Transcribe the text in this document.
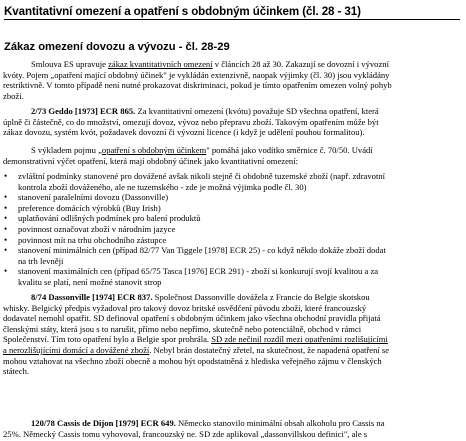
Kvantitativní omezení a opatření s obdobným účinkem (čl. 28 - 31)
Zákaz omezení dovozu a vývozu - čl. 28-29
Smlouva ES upravuje zákaz kvantitativních omezení v článcích 28 až 30. Zakazují se dovozní i vývozní
kvóty. Pojem „opatření mající obdobný účinek" je vykládán extenzivně, naopak výjimky (čl. 30) jsou vykládány
restriktivně. V tomto případě není nutné prokazovat diskriminaci, pokud je tímto opatřením omezen volný pohyb
zboží.
2/73 Geddo [1973] ECR 865. Za kvantitativní omezení (kvótu) považuje SD všechna opatření, která
úplně či částečně, co do množství, omezují dovoz, vývoz nebo přepravu zboží. Takovým opatřením může být
zákaz dovozu, systém kvót, požadavek dovozní či vývozní licence (i když je udělení pouhou formalitou).
S výkladem pojmu „opatření s obdobným účinkem" pomáhá jako vodítko směrnice č. 70/50. Uvádí
demonstrativní výčet opatření, která mají obdobný účinek jako kvantitativní omezení:
• zvláštní podmínky stanovené pro dovážené avšak nikoli stejně či obdobně tuzemské zboží (např. zdravotní
kontrola zboží dováženého, ale ne tuzemského - zde je možná výjimka podle čl. 30)
• stanovení paralelními dovozu (Dassonville)
• preference domácích výrobků (Buy Irish)
• uplatňování odlišných podmínek pro balení produktů
• povinnost označovat zboží v národním jazyce
• povinnost mít na trhu obchodního zástupce
• stanovení minimálních cen (případ 82/77 Van Tiggele [1978] ECR 25) - co když někdo dokáže zboží dodat
na trh levněji
• stanovení maximálních cen (případ 65/75 Tasca [1976] ECR 291) - zboží si konkurují svojí kvalitou a za
kvalitu se platí, není možné stanovit strop
8/74 Dassonville [1974] ECR 837. Společnost Dassonville dovážela z Francie do Belgie skotskou
whisky. Belgický předpis vyžadoval pro takový dovoz britské osvědčení původu zboží, které francouzský
dodavatel nemohl opatřit. SD definoval opatření s obdobným účinkem jako všechna obchodní pravidla přijatá
členskými státy, která jsou s to narušit, přímo nebo nepřímo, skutečně nebo potenciálně, obchod v rámci
Společenství. Tím toto opatření bylo a Belgie spor prohrála. SD zde nečinil rozdíl mezi opatřeními rozlišujícími
a nerozlišujícími domácí a dovážené zboží. Nebyl brán dostatečný zřetel, na skutečnost, že napadená opatření se
mohou vztahovat na všechno zboží obecně a mohou být opodstatněná z hlediska veřejného zájmu v členských
státech.
120/78 Cassis de Dijon [1979] ECR 649. Německo stanovilo minimální obsah alkoholu pro Cassis na
25%. Německý Cassis tomu vyhovoval, francouzský ne. SD zde aplikoval „dassonvillskou definici", ale s
